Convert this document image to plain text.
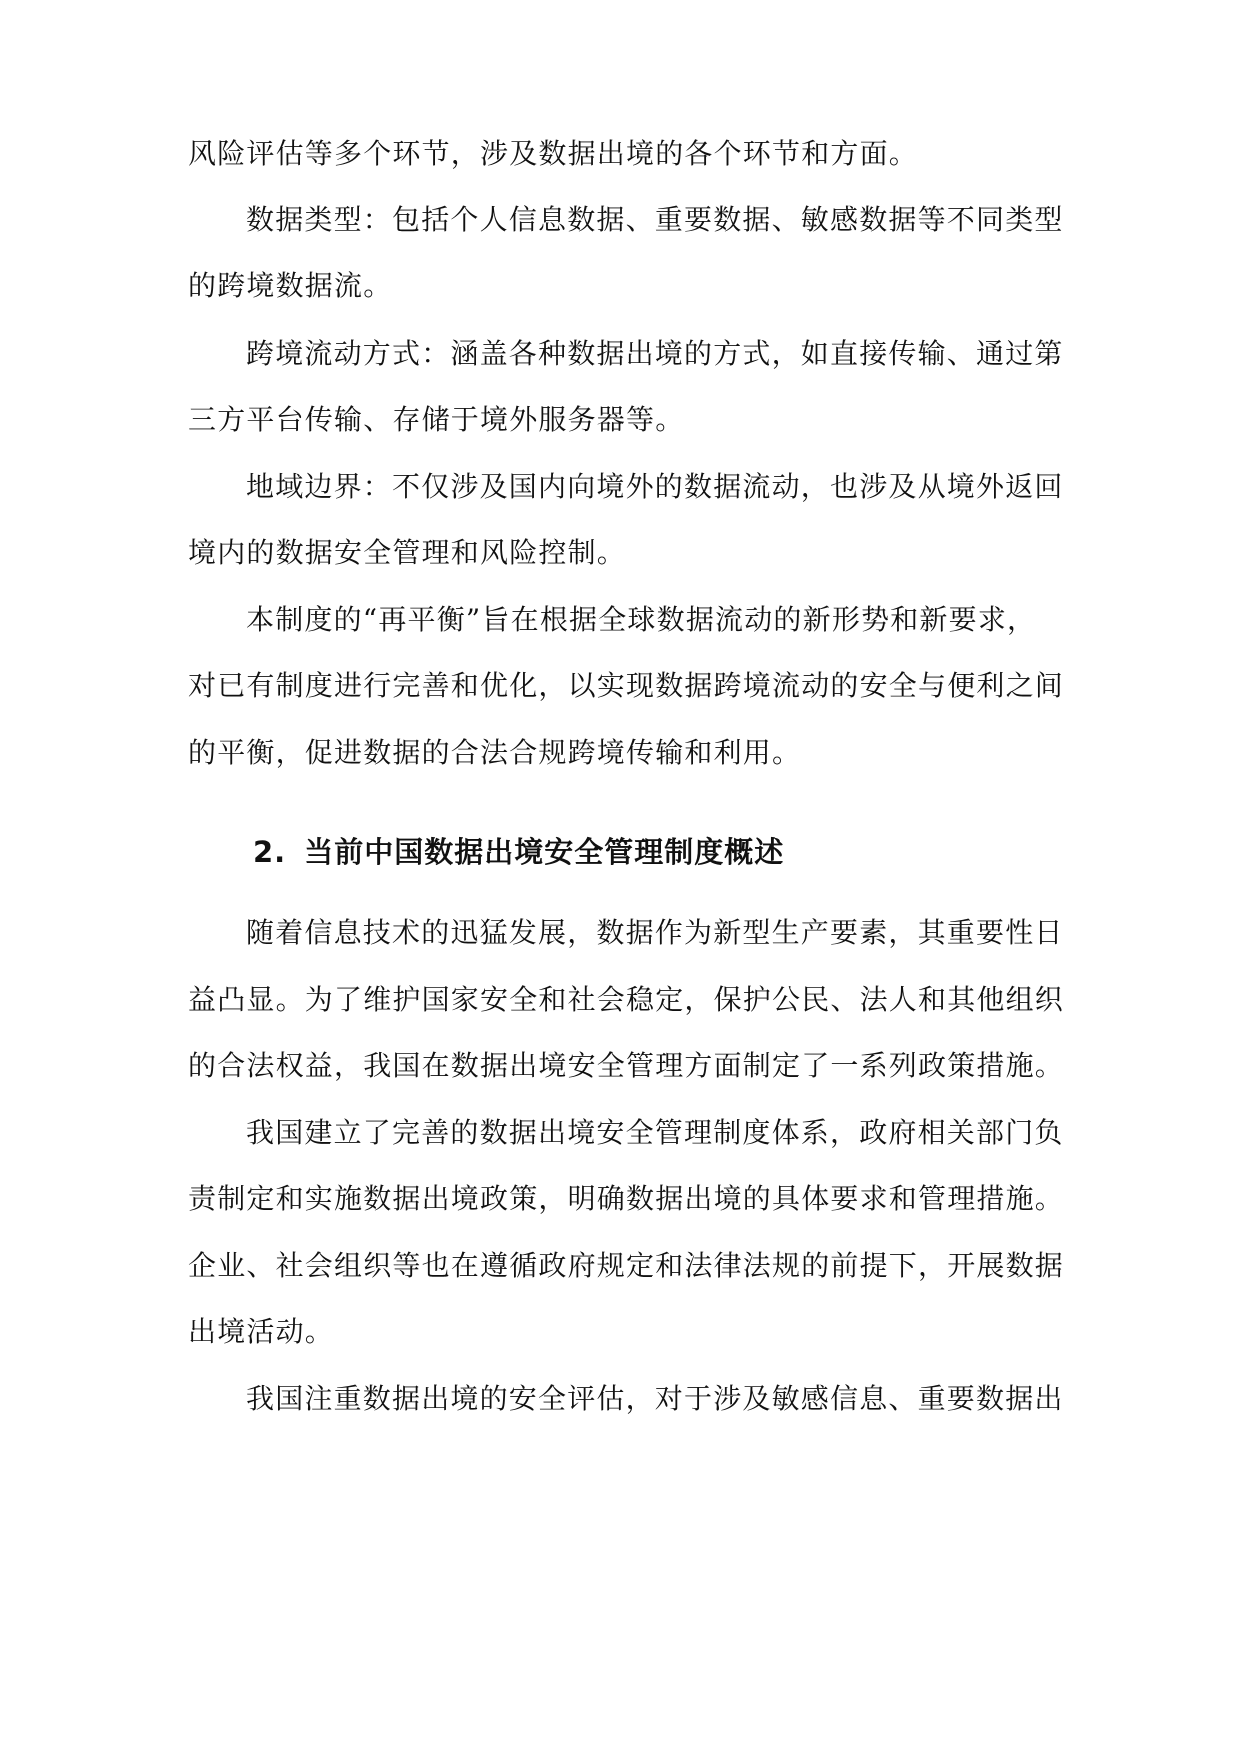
风险评估等多个环节，涉及数据出境的各个环节和方面。
数据类型：包括个人信息数据、重要数据、敏感数据等不同类型
的跨境数据流。
跨境流动方式：涵盖各种数据出境的方式，如直接传输、通过第
三方平台传输、存储于境外服务器等。
地域边界：不仅涉及国内向境外的数据流动，也涉及从境外返回
境内的数据安全管理和风险控制。
本制度的“再平衡”旨在根据全球数据流动的新形势和新要求，
对已有制度进行完善和优化，以实现数据跨境流动的安全与便利之间
的平衡，促进数据的合法合规跨境传输和利用。
2. 当前中国数据出境安全管理制度概述
随着信息技术的迅猛发展，数据作为新型生产要素，其重要性日
益凸显。为了维护国家安全和社会稳定，保护公民、法人和其他组织
的合法权益，我国在数据出境安全管理方面制定了一系列政策措施。
我国建立了完善的数据出境安全管理制度体系，政府相关部门负
责制定和实施数据出境政策，明确数据出境的具体要求和管理措施。
企业、社会组织等也在遵循政府规定和法律法规的前提下，开展数据
出境活动。
我国注重数据出境的安全评估，对于涉及敏感信息、重要数据出
